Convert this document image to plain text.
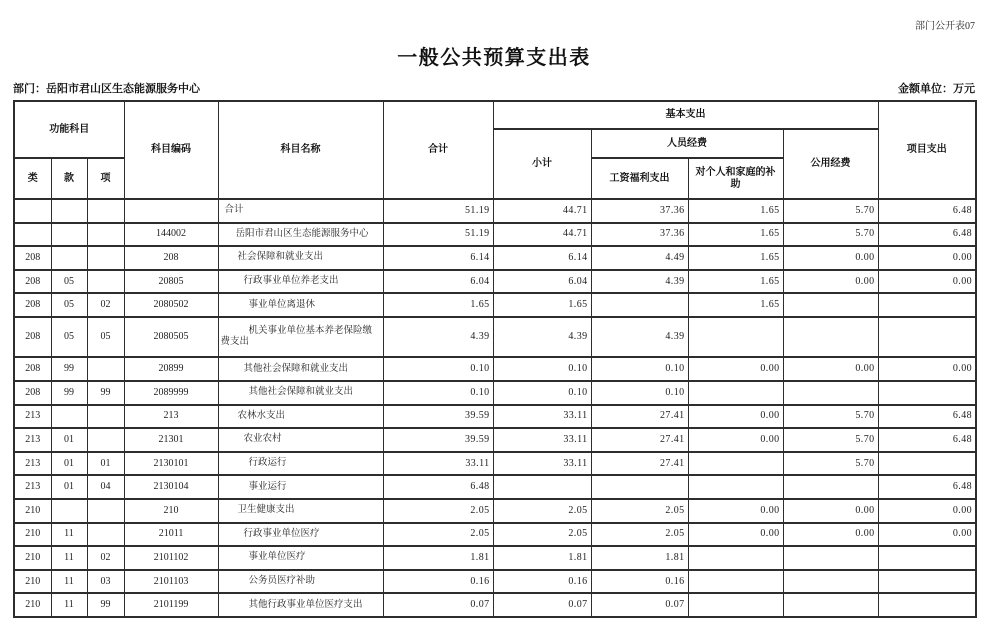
部门公开表07
一般公共预算支出表
部门：岳阳市君山区生态能源服务中心	金额单位：万元
功能科目			科目编码	科目名称	合计	基本支出				项目支出
						小计	人员经费		公用经费	
类	款	项					工资福利支出	对个人和家庭的补助		
				合计	51.19	44.71	37.36	1.65	5.70	6.48
			144002	岳阳市君山区生态能源服务中心	51.19	44.71	37.36	1.65	5.70	6.48
208			208	社会保障和就业支出	6.14	6.14	4.49	1.65	0.00	0.00
208	05		20805	行政事业单位养老支出	6.04	6.04	4.39	1.65	0.00	0.00
208	05	02	2080502	事业单位离退休	1.65	1.65		1.65		
208	05	05	2080505	机关事业单位基本养老保险缴费支出	4.39	4.39	4.39			
208	99		20899	其他社会保障和就业支出	0.10	0.10	0.10	0.00	0.00	0.00
208	99	99	2089999	其他社会保障和就业支出	0.10	0.10	0.10			
213			213	农林水支出	39.59	33.11	27.41	0.00	5.70	6.48
213	01		21301	农业农村	39.59	33.11	27.41	0.00	5.70	6.48
213	01	01	2130101	行政运行	33.11	33.11	27.41		5.70	
213	01	04	2130104	事业运行	6.48					6.48
210			210	卫生健康支出	2.05	2.05	2.05	0.00	0.00	0.00
210	11		21011	行政事业单位医疗	2.05	2.05	2.05	0.00	0.00	0.00
210	11	02	2101102	事业单位医疗	1.81	1.81	1.81			
210	11	03	2101103	公务员医疗补助	0.16	0.16	0.16			
210	11	99	2101199	其他行政事业单位医疗支出	0.07	0.07	0.07			
